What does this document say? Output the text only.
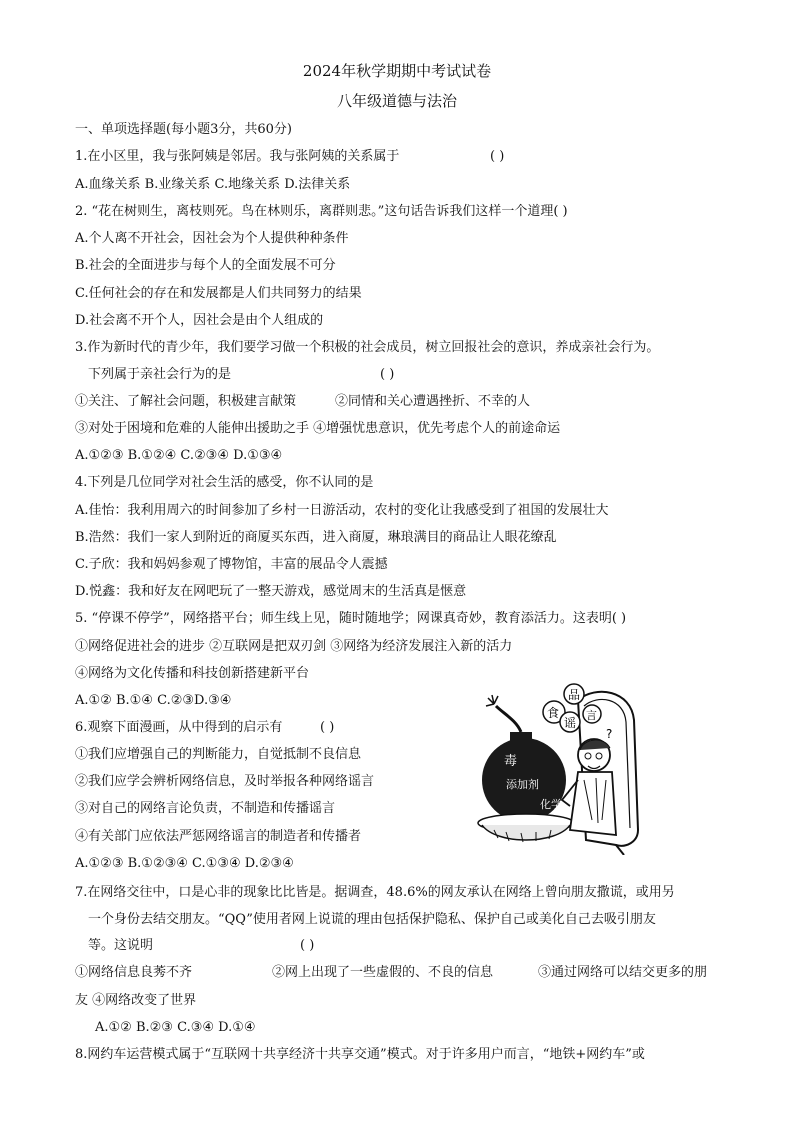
2024年秋学期期中考试试卷
八年级道德与法治
一、单项选择题(每小题3分，共60分)
1.在小区里，我与张阿姨是邻居。我与张阿姨的关系属于	( )
A.血缘关系 B.业缘关系 C.地缘关系 D.法律关系
2. “花在树则生，离枝则死。鸟在林则乐，离群则悲。”这句话告诉我们这样一个道理( )
A.个人离不开社会，因社会为个人提供种种条件
B.社会的全面进步与每个人的全面发展不可分
C.任何社会的存在和发展都是人们共同努力的结果
D.社会离不开个人，因社会是由个人组成的
3.作为新时代的青少年，我们要学习做一个积极的社会成员，树立回报社会的意识，养成亲社会行为。
下列属于亲社会行为的是	( )
①关注、了解社会问题，积极建言献策	②同情和关心遭遇挫折、不幸的人
③对处于困境和危难的人能伸出援助之手 ④增强忧患意识，优先考虑个人的前途命运
A.①②③ B.①②④ C.②③④ D.①③④
4.下列是几位同学对社会生活的感受，你不认同的是
A.佳怡：我利用周六的时间参加了乡村一日游活动，农村的变化让我感受到了祖国的发展壮大
B.浩然：我们一家人到附近的商厦买东西，进入商厦，琳琅满目的商品让人眼花缭乱
C.子欣：我和妈妈参观了博物馆，丰富的展品令人震撼
D.悦鑫：我和好友在网吧玩了一整天游戏，感觉周末的生活真是惬意
5. “停课不停学”，网络搭平台；师生线上见，随时随地学；网课真奇妙，教育添活力。这表明( )
①网络促进社会的进步 ②互联网是把双刃剑 ③网络为经济发展注入新的活力
④网络为文化传播和科技创新搭建新平台
A.①② B.①④ C.②③D.③④
6.观察下面漫画，从中得到的启示有	( )
①我们应增强自己的判断能力，自觉抵制不良信息
②我们应学会辨析网络信息，及时举报各种网络谣言
③对自己的网络言论负责，不制造和传播谣言
④有关部门应依法严惩网络谣言的制造者和传播者
A.①②③ B.①②③④ C.①③④ D.②③④
毒
添加剂
化学
食
品
谣
言
?
7.在网络交往中，口是心非的现象比比皆是。据调查，48.6%的网友承认在网络上曾向朋友撒谎，或用另
一个身份去结交朋友。“QQ”使用者网上说谎的理由包括保护隐私、保护自己或美化自己去吸引朋友
等。这说明	( )
①网络信息良莠不齐	②网上出现了一些虚假的、不良的信息	③通过网络可以结交更多的朋
友 ④网络改变了世界
A.①② B.②③ C.③④ D.①④
8.网约车运营模式属于“互联网十共享经济十共享交通”模式。对于许多用户而言，“地铁+网约车”或
